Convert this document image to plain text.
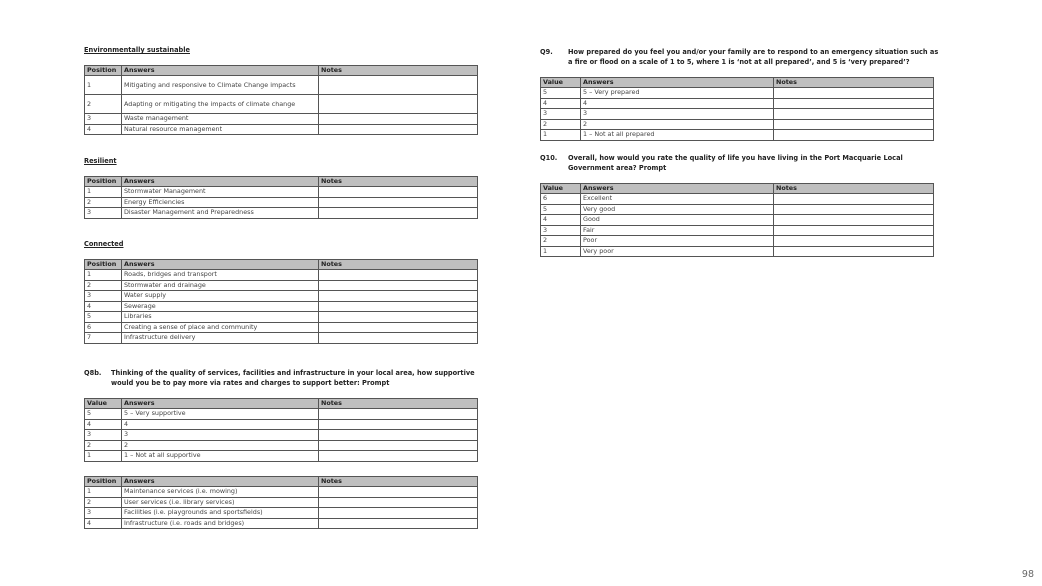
Environmentally sustainable
Position	Answers	Notes
1	Mitigating and responsive to Climate Change impacts	
2	Adapting or mitigating the impacts of climate change	
3	Waste management	
4	Natural resource management	
Resilient
Position	Answers	Notes
1	Stormwater Management	
2	Energy Efficiencies	
3	Disaster Management and Preparedness	
Connected
Position	Answers	Notes
1	Roads, bridges and transport	
2	Stormwater and drainage	
3	Water supply	
4	Sewerage	
5	Libraries	
6	Creating a sense of place and community	
7	Infrastructure delivery	
Q8b. Thinking of the quality of services, facilities and infrastructure in your local area, how supportive
would you be to pay more via rates and charges to support better: Prompt
Value	Answers	Notes
5	5 – Very supportive	
4	4	
3	3	
2	2	
1	1 – Not at all supportive	
Position	Answers	Notes
1	Maintenance services (i.e. mowing)	
2	User services (i.e. library services)	
3	Facilities (i.e. playgrounds and sportsfields)	
4	Infrastructure (i.e. roads and bridges)	
Q9. How prepared do you feel you and/or your family are to respond to an emergency situation such as
a fire or flood on a scale of 1 to 5, where 1 is ‘not at all prepared’, and 5 is ‘very prepared’?
Value	Answers	Notes
5	5 – Very prepared	
4	4	
3	3	
2	2	
1	1 – Not at all prepared	
Q10. Overall, how would you rate the quality of life you have living in the Port Macquarie Local
Government area? Prompt
Value	Answers	Notes
6	Excellent	
5	Very good	
4	Good	
3	Fair	
2	Poor	
1	Very poor	
98
